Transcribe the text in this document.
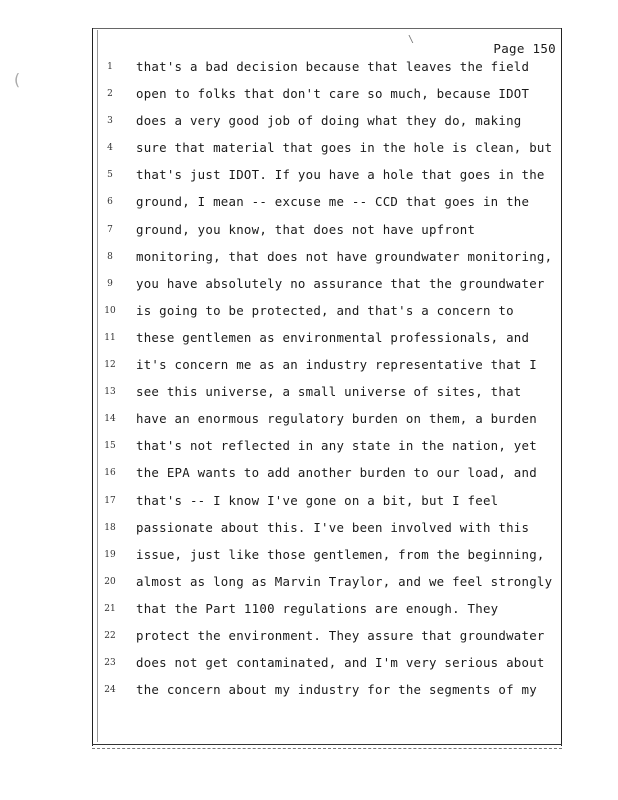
\
(
Page 150
1	that's a bad decision because that leaves the field
2	open to folks that don't care so much, because IDOT
3	does a very good job of doing what they do, making
4	sure that material that goes in the hole is clean, but
5	that's just IDOT. If you have a hole that goes in the
6	ground, I mean -- excuse me -- CCD that goes in the
7	ground, you know, that does not have upfront
8	monitoring, that does not have groundwater monitoring,
9	you have absolutely no assurance that the groundwater
10	is going to be protected, and that's a concern to
11	these gentlemen as environmental professionals, and
12	it's concern me as an industry representative that I
13	see this universe, a small universe of sites, that
14	have an enormous regulatory burden on them, a burden
15	that's not reflected in any state in the nation, yet
16	the EPA wants to add another burden to our load, and
17	that's -- I know I've gone on a bit, but I feel
18	passionate about this. I've been involved with this
19	issue, just like those gentlemen, from the beginning,
20	almost as long as Marvin Traylor, and we feel strongly
21	that the Part 1100 regulations are enough. They
22	protect the environment. They assure that groundwater
23	does not get contaminated, and I'm very serious about
24	the concern about my industry for the segments of my
